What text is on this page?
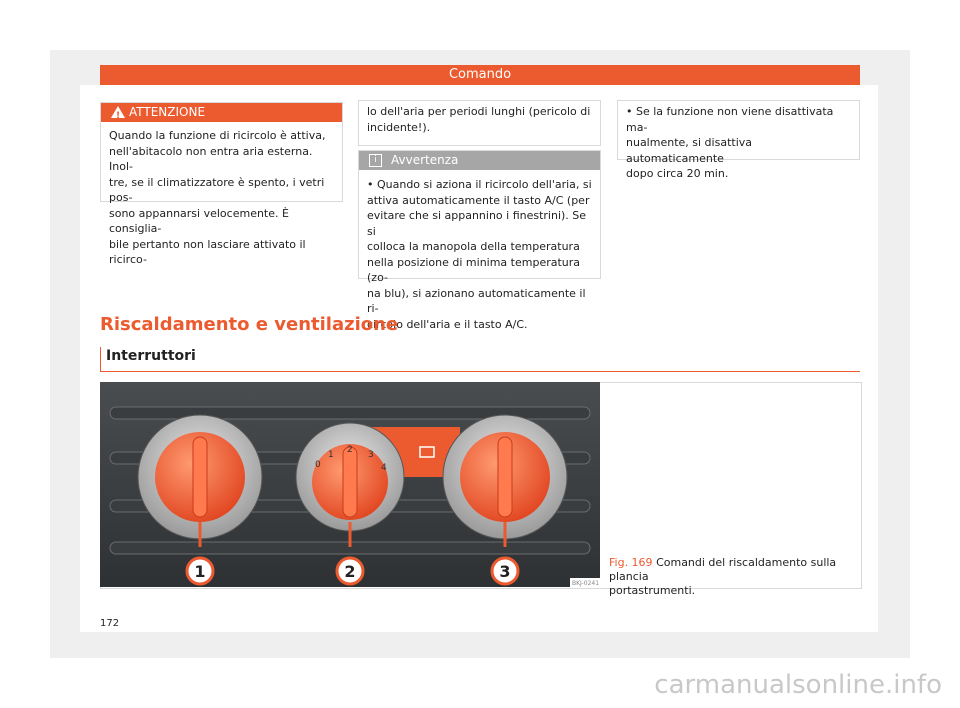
Comando
!
ATTENZIONE
Quando la funzione di ricircolo è attiva,
nell'abitacolo non entra aria esterna. Inol-
tre, se il climatizzatore è spento, i vetri pos-
sono appannarsi velocemente. È consiglia-
bile pertanto non lasciare attivato il ricirco-
lo dell'aria per periodi lunghi (pericolo di
incidente!).
i	Avvertenza
• Quando si aziona il ricircolo dell'aria, si
attiva automaticamente il tasto A/C (per
evitare che si appannino i finestrini). Se si
colloca la manopola della temperatura
nella posizione di minima temperatura (zo-
na blu), si azionano automaticamente il ri-
circolo dell'aria e il tasto A/C.
• Se la funzione non viene disattivata ma-
nualmente, si disattiva automaticamente
dopo circa 20 min.
Riscaldamento e ventilazione
Interruttori
0
1 2 3
4
1	2	3
BKJ-0241
Fig. 169 Comandi del riscaldamento sulla plancia
portastrumenti.
172
carmanualsonline.info
